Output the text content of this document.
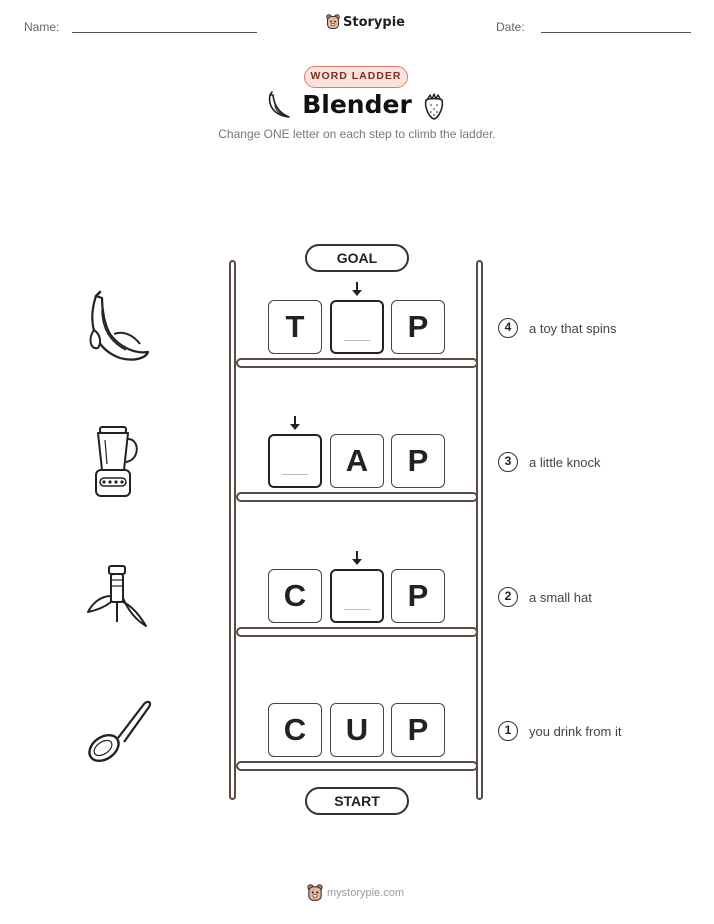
Name:	Storypie	Date:
WORD LADDER
Blender
Change ONE letter on each step to climb the ladder.
GOAL
START
T	P
A	P
C	P
C	U	P
4	a toy that spins
3	a little knock
2	a small hat
1	you drink from it
mystorypie.com
